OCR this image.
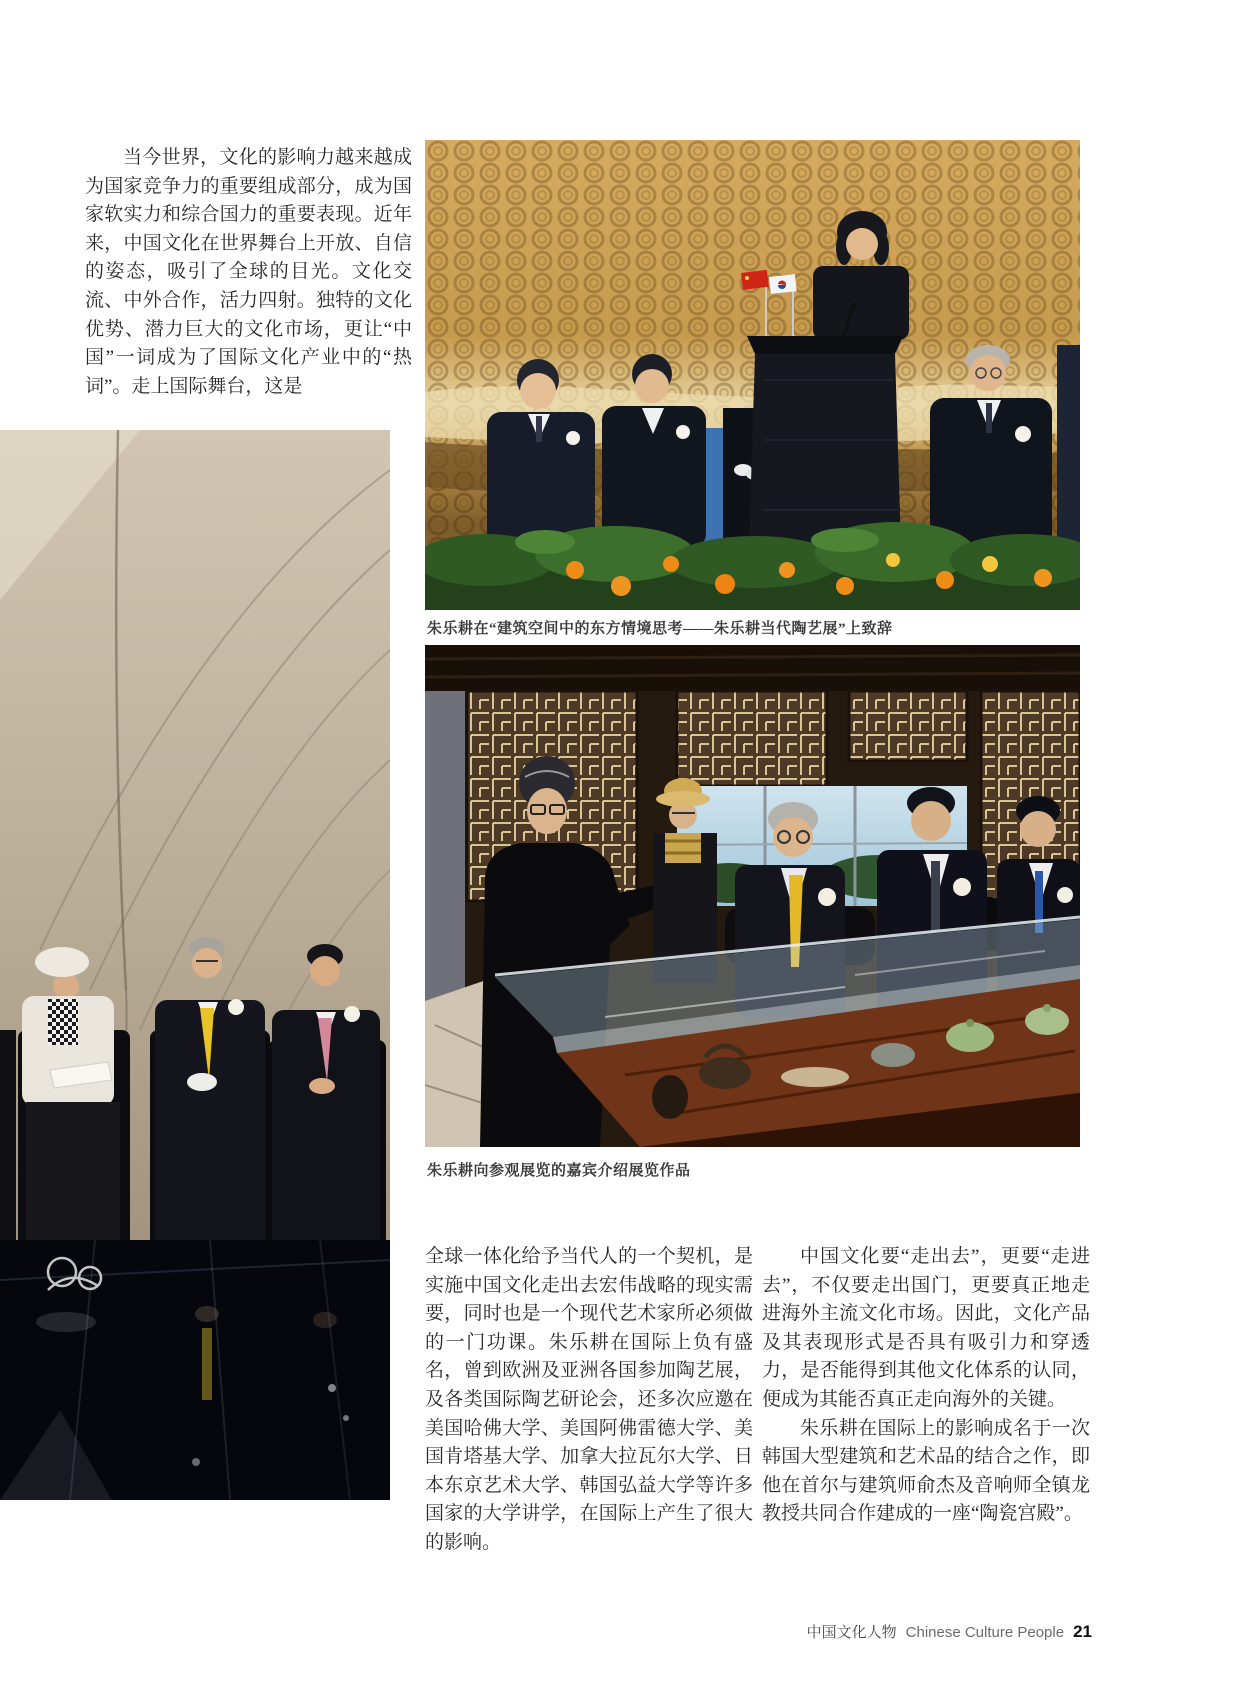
当今世界，文化的影响力越来越成为国家竞争力的重要组成部分，成为国家软实力和综合国力的重要表现。近年来，中国文化在世界舞台上开放、自信的姿态，吸引了全球的目光。文化交流、中外合作，活力四射。独特的文化优势、潜力巨大的文化市场，更让“中国”一词成为了国际文化产业中的“热词”。走上国际舞台，这是
朱乐耕在“建筑空间中的东方情境思考——朱乐耕当代陶艺展”上致辞
朱乐耕向参观展览的嘉宾介绍展览作品
全球一体化给予当代人的一个契机，是实施中国文化走出去宏伟战略的现实需要，同时也是一个现代艺术家所必须做的一门功课。朱乐耕在国际上负有盛名，曾到欧洲及亚洲各国参加陶艺展，及各类国际陶艺研论会，还多次应邀在美国哈佛大学、美国阿佛雷德大学、美国肯塔基大学、加拿大拉瓦尔大学、日本东京艺术大学、韩国弘益大学等许多国家的大学讲学，在国际上产生了很大的影响。

中国文化要“走出去”，更要“走进去”，不仅要走出国门，更要真正地走进海外主流文化市场。因此，文化产品及其表现形式是否具有吸引力和穿透力，是否能得到其他文化体系的认同，便成为其能否真正走向海外的关键。

朱乐耕在国际上的影响成名于一次韩国大型建筑和艺术品的结合之作，即他在首尔与建筑师俞杰及音响师全镇龙教授共同合作建成的一座“陶瓷宫殿”。

中国文化人物 Chinese Culture People 21
